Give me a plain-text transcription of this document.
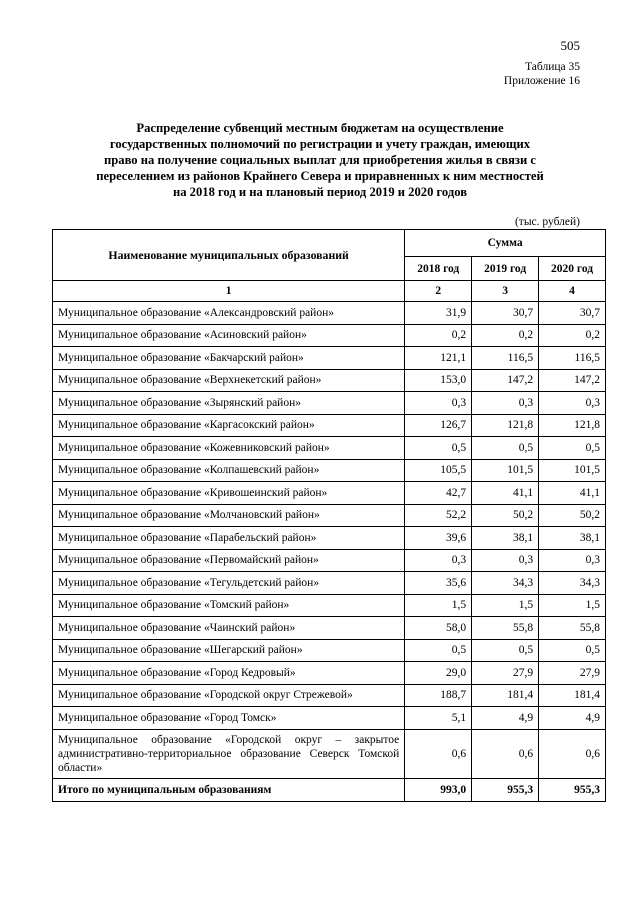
505
Таблица 35
Приложение 16
Распределение субвенций местным бюджетам на осуществление
государственных полномочий по регистрации и учету граждан, имеющих
право на получение социальных выплат для приобретения жилья в связи с
переселением из районов Крайнего Севера и приравненных к ним местностей
на 2018 год и на плановый период 2019 и 2020 годов
(тыс. рублей)
Наименование муниципальных образований	Сумма		
	2018 год	2019 год	2020 год
1	2	3	4
Муниципальное образование «Александровский район»	31,9	30,7	30,7
Муниципальное образование «Асиновский район»	0,2	0,2	0,2
Муниципальное образование «Бакчарский район»	121,1	116,5	116,5
Муниципальное образование «Верхнекетский район»	153,0	147,2	147,2
Муниципальное образование «Зырянский район»	0,3	0,3	0,3
Муниципальное образование «Каргасокский район»	126,7	121,8	121,8
Муниципальное образование «Кожевниковский район»	0,5	0,5	0,5
Муниципальное образование «Колпашевский район»	105,5	101,5	101,5
Муниципальное образование «Кривошеинский район»	42,7	41,1	41,1
Муниципальное образование «Молчановский район»	52,2	50,2	50,2
Муниципальное образование «Парабельский район»	39,6	38,1	38,1
Муниципальное образование «Первомайский район»	0,3	0,3	0,3
Муниципальное образование «Тегульдетский район»	35,6	34,3	34,3
Муниципальное образование «Томский район»	1,5	1,5	1,5
Муниципальное образование «Чаинский район»	58,0	55,8	55,8
Муниципальное образование «Шегарский район»	0,5	0,5	0,5
Муниципальное образование «Город Кедровый»	29,0	27,9	27,9
Муниципальное образование «Городской округ Стрежевой»	188,7	181,4	181,4
Муниципальное образование «Город Томск»	5,1	4,9	4,9
Муниципальное образование «Городской округ – закрытое административно-территориальное образование Северск Томской области»	0,6	0,6	0,6
Итого по муниципальным образованиям	993,0	955,3	955,3
